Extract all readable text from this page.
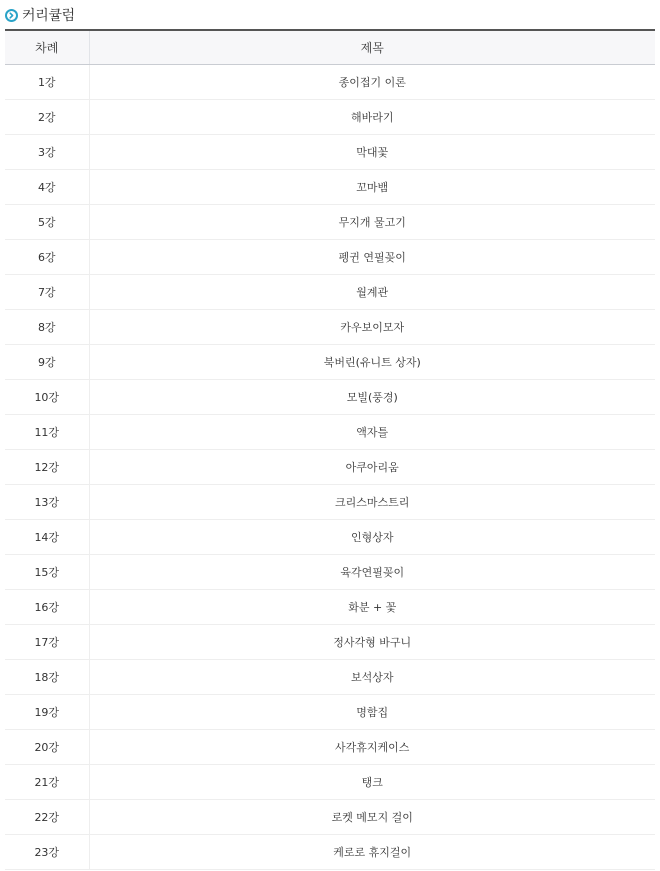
커리큘럼
차례	제목
1강	종이접기 이론
2강	해바라기
3강	막대꽃
4강	꼬마뱀
5강	무지개 물고기
6강	펭귄 연필꽂이
7강	월계관
8강	카우보이모자
9강	북버린(유니트 상자)
10강	모빌(풍경)
11강	액자틀
12강	아쿠아리움
13강	크리스마스트리
14강	인형상자
15강	육각연필꽂이
16강	화분 + 꽃
17강	정사각형 바구니
18강	보석상자
19강	명함집
20강	사각휴지케이스
21강	탱크
22강	로켓 메모지 걸이
23강	케로로 휴지걸이
